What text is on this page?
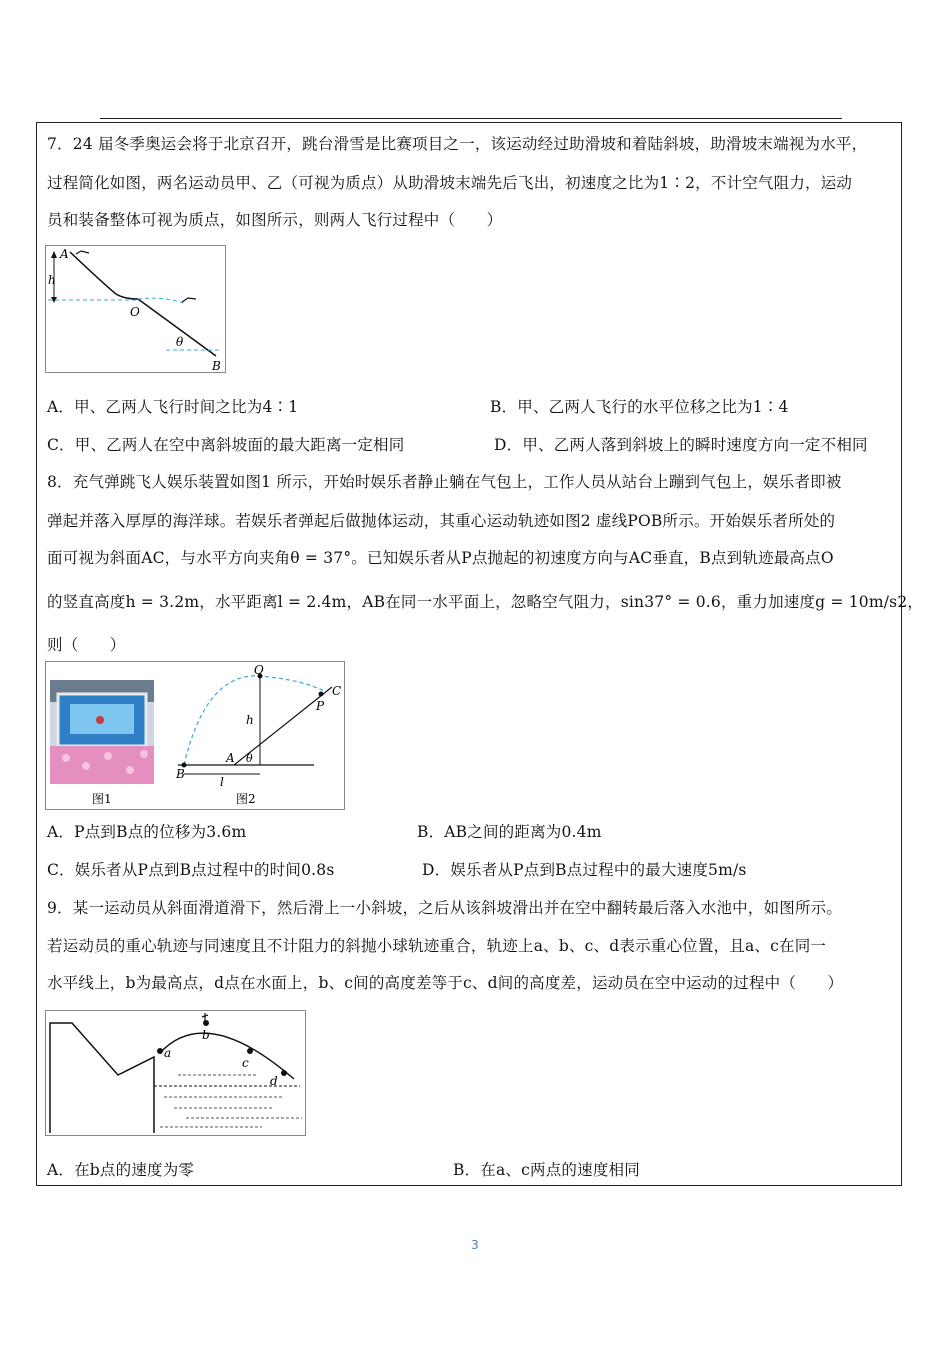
7．24 届冬季奥运会将于北京召开，跳台滑雪是比赛项目之一，该运动经过助滑坡和着陆斜坡，助滑坡末端视为水平，
过程简化如图，两名运动员甲、乙（可视为质点）从助滑坡末端先后飞出，初速度之比为1∶2，不计空气阻力，运动
员和装备整体可视为质点，如图所示，则两人飞行过程中（　　）
A
h
O
θ
B
A．甲、乙两人飞行时间之比为4∶1	B．甲、乙两人飞行的水平位移之比为1∶4
C．甲、乙两人在空中离斜坡面的最大距离一定相同	D．甲、乙两人落到斜坡上的瞬时速度方向一定不相同
8．充气弹跳飞人娱乐装置如图1 所示，开始时娱乐者静止躺在气包上，工作人员从站台上蹦到气包上，娱乐者即被
弹起并落入厚厚的海洋球。若娱乐者弹起后做抛体运动，其重心运动轨迹如图2 虚线POB所示。开始娱乐者所处的
面可视为斜面AC，与水平方向夹角θ = 37°。已知娱乐者从P点抛起的初速度方向与AC垂直，B点到轨迹最高点O
的竖直高度h = 3.2m，水平距离l = 2.4m，AB在同一水平面上，忽略空气阻力，sin37° = 0.6，重力加速度g = 10m/s2，
则（　　）
图1
O
C
P
h
A θ
B
l
图2
A．P点到B点的位移为3.6m	B．AB之间的距离为0.4m
C．娱乐者从P点到B点过程中的时间0.8s	D．娱乐者从P点到B点过程中的最大速度5m/s
9．某一运动员从斜面滑道滑下，然后滑上一小斜坡，之后从该斜坡滑出并在空中翻转最后落入水池中，如图所示。
若运动员的重心轨迹与同速度且不计阻力的斜抛小球轨迹重合，轨迹上a、b、c、d表示重心位置，且a、c在同一
水平线上，b为最高点，d点在水面上，b、c间的高度差等于c、d间的高度差，运动员在空中运动的过程中（　　）
a
b
c
d
A．在b点的速度为零	B．在a、c两点的速度相同
3
